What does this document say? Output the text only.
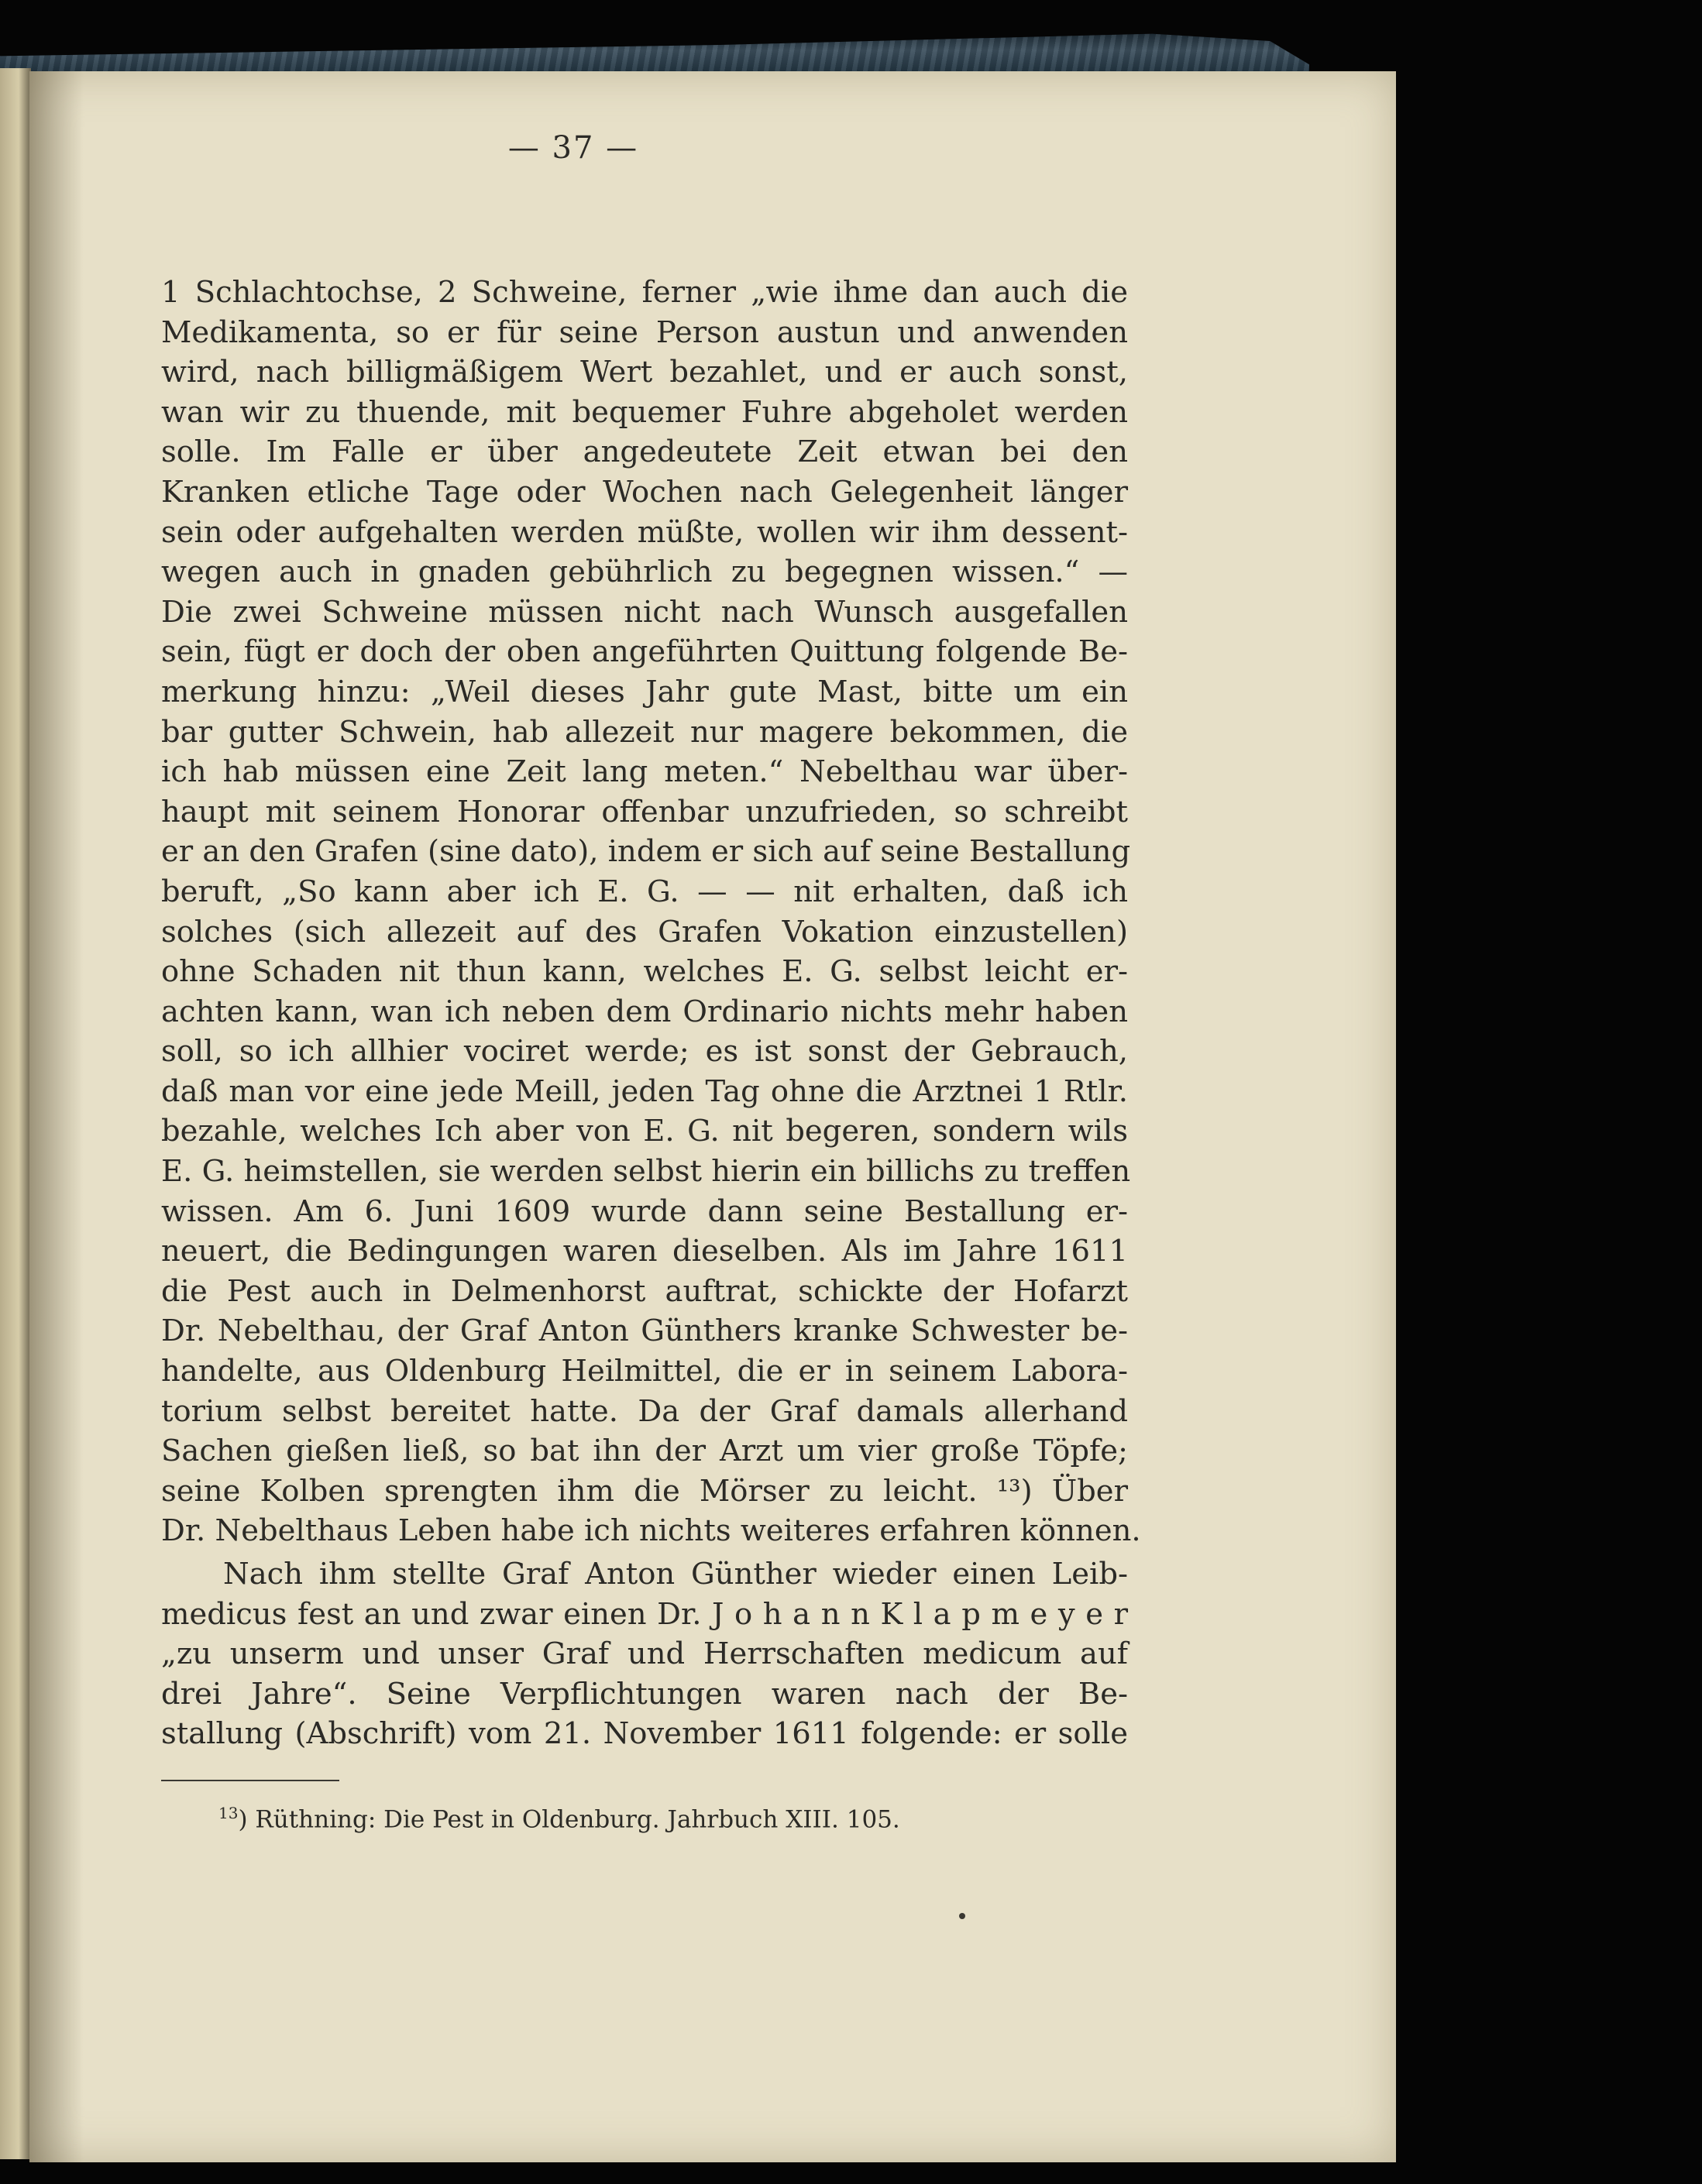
— 37 —
1 Schlachtochse, 2 Schweine, ferner „wie ihme dan auch die
Medikamenta, so er für seine Person austun und anwenden
wird, nach billigmäßigem Wert bezahlet, und er auch sonst,
wan wir zu thuende, mit bequemer Fuhre abgeholet werden
solle. Im Falle er über angedeutete Zeit etwan bei den
Kranken etliche Tage oder Wochen nach Gelegenheit länger
sein oder aufgehalten werden müßte, wollen wir ihm dessent-
wegen auch in gnaden gebührlich zu begegnen wissen.“ —
Die zwei Schweine müssen nicht nach Wunsch ausgefallen
sein, fügt er doch der oben angeführten Quittung folgende Be-
merkung hinzu: „Weil dieses Jahr gute Mast, bitte um ein
bar gutter Schwein, hab allezeit nur magere bekommen, die
ich hab müssen eine Zeit lang meten.“ Nebelthau war über-
haupt mit seinem Honorar offenbar unzufrieden, so schreibt
er an den Grafen (sine dato), indem er sich auf seine Bestallung
beruft, „So kann aber ich E. G. — — nit erhalten, daß ich
solches (sich allezeit auf des Grafen Vokation einzustellen)
ohne Schaden nit thun kann, welches E. G. selbst leicht er-
achten kann, wan ich neben dem Ordinario nichts mehr haben
soll, so ich allhier vociret werde; es ist sonst der Gebrauch,
daß man vor eine jede Meill, jeden Tag ohne die Arztnei 1 Rtlr.
bezahle, welches Ich aber von E. G. nit begeren, sondern wils
E. G. heimstellen, sie werden selbst hierin ein billichs zu treffen
wissen. Am 6. Juni 1609 wurde dann seine Bestallung er-
neuert, die Bedingungen waren dieselben. Als im Jahre 1611
die Pest auch in Delmenhorst auftrat, schickte der Hofarzt
Dr. Nebelthau, der Graf Anton Günthers kranke Schwester be-
handelte, aus Oldenburg Heilmittel, die er in seinem Labora-
torium selbst bereitet hatte. Da der Graf damals allerhand
Sachen gießen ließ, so bat ihn der Arzt um vier große Töpfe;
seine Kolben sprengten ihm die Mörser zu leicht. ¹³) Über
Dr. Nebelthaus Leben habe ich nichts weiteres erfahren können.
Nach ihm stellte Graf Anton Günther wieder einen Leib-
medicus fest an und zwar einen Dr. J o h a n n K l a p m e y e r
„zu unserm und unser Graf und Herrschaften medicum auf
drei Jahre“. Seine Verpflichtungen waren nach der Be-
stallung (Abschrift) vom 21. November 1611 folgende: er solle
$^{13}$) Rüthning: Die Pest in Oldenburg. Jahrbuch XIII. 105.
